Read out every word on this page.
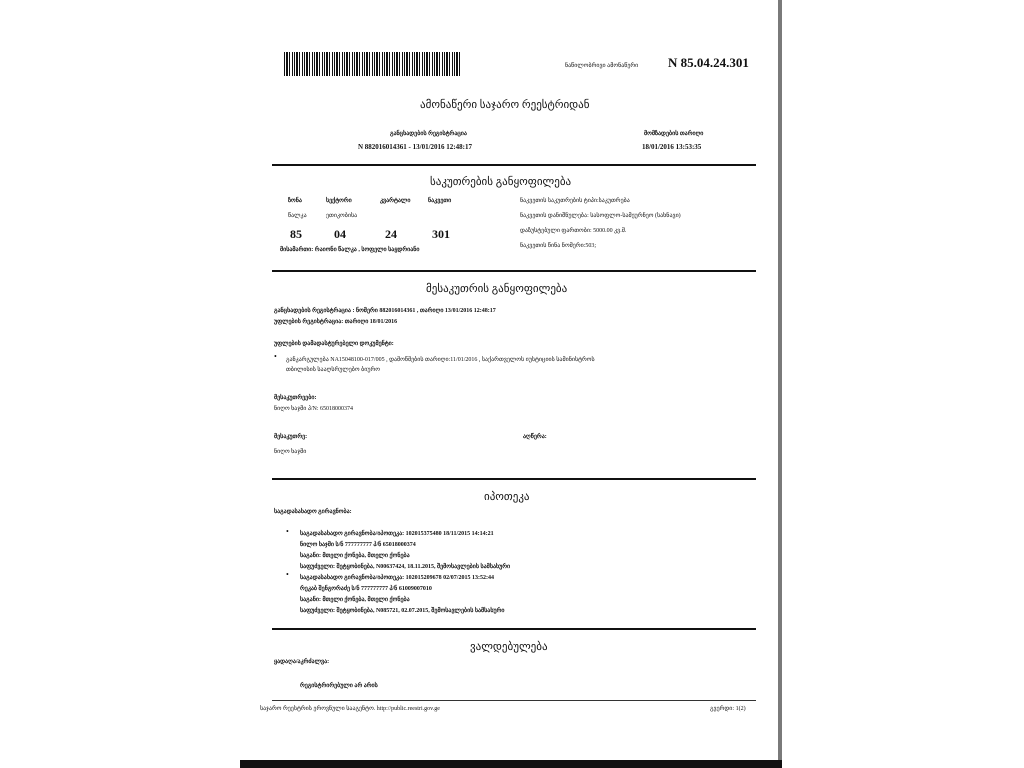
ნაწილობრივი ამონაწერი N 85.04.24.301
ამონაწერი საჯარო რეესტრიდან
განცხადების რეგისტრაცია
N 882016014361 - 13/01/2016 12:48:17
მომზადების თარიღი
18/01/2016 13:53:35
საკუთრების განყოფილება
ზონა	სექტორი	კვარტალი	ნაკვეთი
წალკა	ეთიკობისა
85	04	24	301
მისამართი: რაიონი წალკა , სოფელი საყდრიანი
ნაკვეთის საკუთრების ტიპი:საკუთრება
ნაკვეთის დანიშნულება: სასოფლო-სამეურნეო (სახნავი)
დაზუსტებული ფართობი: 5000.00 კვ.მ.
ნაკვეთის წინა ნომერი:503;
მესაკუთრის განყოფილება
განცხადების რეგისტრაცია : ნომერი 882016014361 , თარიღი 13/01/2016 12:48:17
უფლების რეგისტრაცია: თარიღი 18/01/2016
უფლების დამადასტურებელი დოკუმენტი:
• განკარგულება NA15048100-017/005 , დამოწმების თარიღი:11/01/2016 , საქართველოს იუსტიციის სამინისტროს
თბილისის სააღსრულებო ბიურო
მესაკუთრეები:
ნიღო ხაჯმი პ/N: 65018000374
მესაკუთრე:	აღწერა:
ნიღო ხაჯმი
იპოთეკა
საგადასახადო გირავნობა:
• საგადასახადო გირავნობა/იპოთეკა: 102015375480 18/11/2015 14:14:21
ნილო ხაჯმი ს/ნ 777777777 პ/ნ 65018000374
საგანი: მთელი ქონება, მთელი ქონება
საფუძველი: შეტყობინება, N00637424, 18.11.2015, შემოსავლების სამსახური
• საგადასახადო გირავნობა/იპოთეკა: 102015209678 02/07/2015 13:52:44
რეკაბ შენგორაძე ს/ნ 777777777 პ/ნ 61009007010
საგანი: მთელი ქონება, მთელი ქონება
საფუძველი: შეტყობინება, N085721, 02.07.2015, შემოსავლების სამსახური
ვალდებულება
ყადაღა/აკრძალვა:
რეგისტრირებული არ არის
საჯარო რეესტრის ეროვნული სააგენტო. http://public.reestri.gov.ge	გვერდი: 1(2)
